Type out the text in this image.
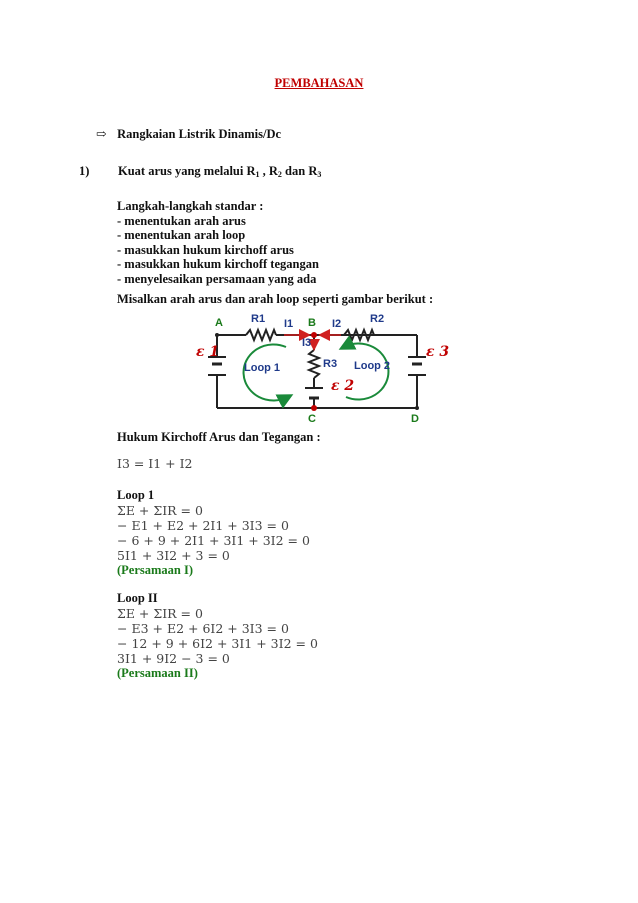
PEMBAHASAN
⇨ Rangkaian Listrik Dinamis/Dc
1) Kuat arus yang melalui $R_1$ , $R_2$ dan $R_3$
Langkah-langkah standar :
- menentukan arah arus
- menentukan arah loop
- masukkan hukum kirchoff arus
- masukkan hukum kirchoff tegangan
- menyelesaikan persamaan yang ada
Misalkan arah arus dan arah loop seperti gambar berikut :
A	B
C	D
R1	R2
R3
I1	I2
I3
Loop 1	Loop 2
ε 1
ε 2
ε 3
Hukum Kirchoff Arus dan Tegangan :
I3 = I1 + I2
Loop 1
ΣE + ΣIR = 0
− E1 + E2 + 2I1 + 3I3 = 0
− 6 + 9 + 2I1 + 3I1 + 3I2 = 0
5I1 + 3I2 + 3 = 0
(Persamaan I)
Loop II
ΣE + ΣIR = 0
− E3 + E2 + 6I2 + 3I3 = 0
− 12 + 9 + 6I2 + 3I1 + 3I2 = 0
3I1 + 9I2 − 3 = 0
(Persamaan II)
